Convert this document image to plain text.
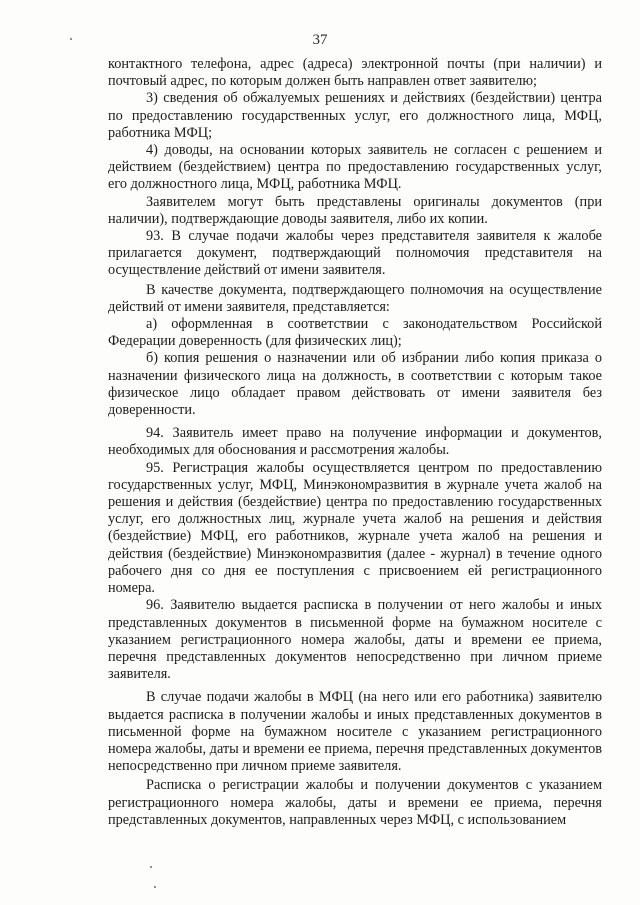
37

контактного телефона, адрес (адреса) электронной почты (при наличии) и почтовый адрес, по которым должен быть направлен ответ заявителю;

3) сведения об обжалуемых решениях и действиях (бездействии) центра по предоставлению государственных услуг, его должностного лица, МФЦ, работника МФЦ;

4) доводы, на основании которых заявитель не согласен с решением и действием (бездействием) центра по предоставлению государственных услуг, его должностного лица, МФЦ, работника МФЦ.

Заявителем могут быть представлены оригиналы документов (при наличии), подтверждающие доводы заявителя, либо их копии.

93. В случае подачи жалобы через представителя заявителя к жалобе прилагается документ, подтверждающий полномочия представителя на осуществление действий от имени заявителя.

В качестве документа, подтверждающего полномочия на осуществление действий от имени заявителя, представляется:

а) оформленная в соответствии с законодательством Российской Федерации доверенность (для физических лиц);

б) копия решения о назначении или об избрании либо копия приказа о назначении физического лица на должность, в соответствии с которым такое физическое лицо обладает правом действовать от имени заявителя без доверенности.

94. Заявитель имеет право на получение информации и документов, необходимых для обоснования и рассмотрения жалобы.

95. Регистрация жалобы осуществляется центром по предоставлению государственных услуг, МФЦ, Минэкономразвития в журнале учета жалоб на решения и действия (бездействие) центра по предоставлению государственных услуг, его должностных лиц, журнале учета жалоб на решения и действия (бездействие) МФЦ, его работников, журнале учета жалоб на решения и действия (бездействие) Минэкономразвития (далее - журнал) в течение одного рабочего дня со дня ее поступления с присвоением ей регистрационного номера.

96. Заявителю выдается расписка в получении от него жалобы и иных представленных документов в письменной форме на бумажном носителе с указанием регистрационного номера жалобы, даты и времени ее приема, перечня представленных документов непосредственно при личном приеме заявителя.

В случае подачи жалобы в МФЦ (на него или его работника) заявителю выдается расписка в получении жалобы и иных представленных документов в письменной форме на бумажном носителе с указанием регистрационного номера жалобы, даты и времени ее приема, перечня представленных документов непосредственно при личном приеме заявителя.

Расписка о регистрации жалобы и получении документов с указанием регистрационного номера жалобы, даты и времени ее приема, перечня представленных документов, направленных через МФЦ, с использованием
